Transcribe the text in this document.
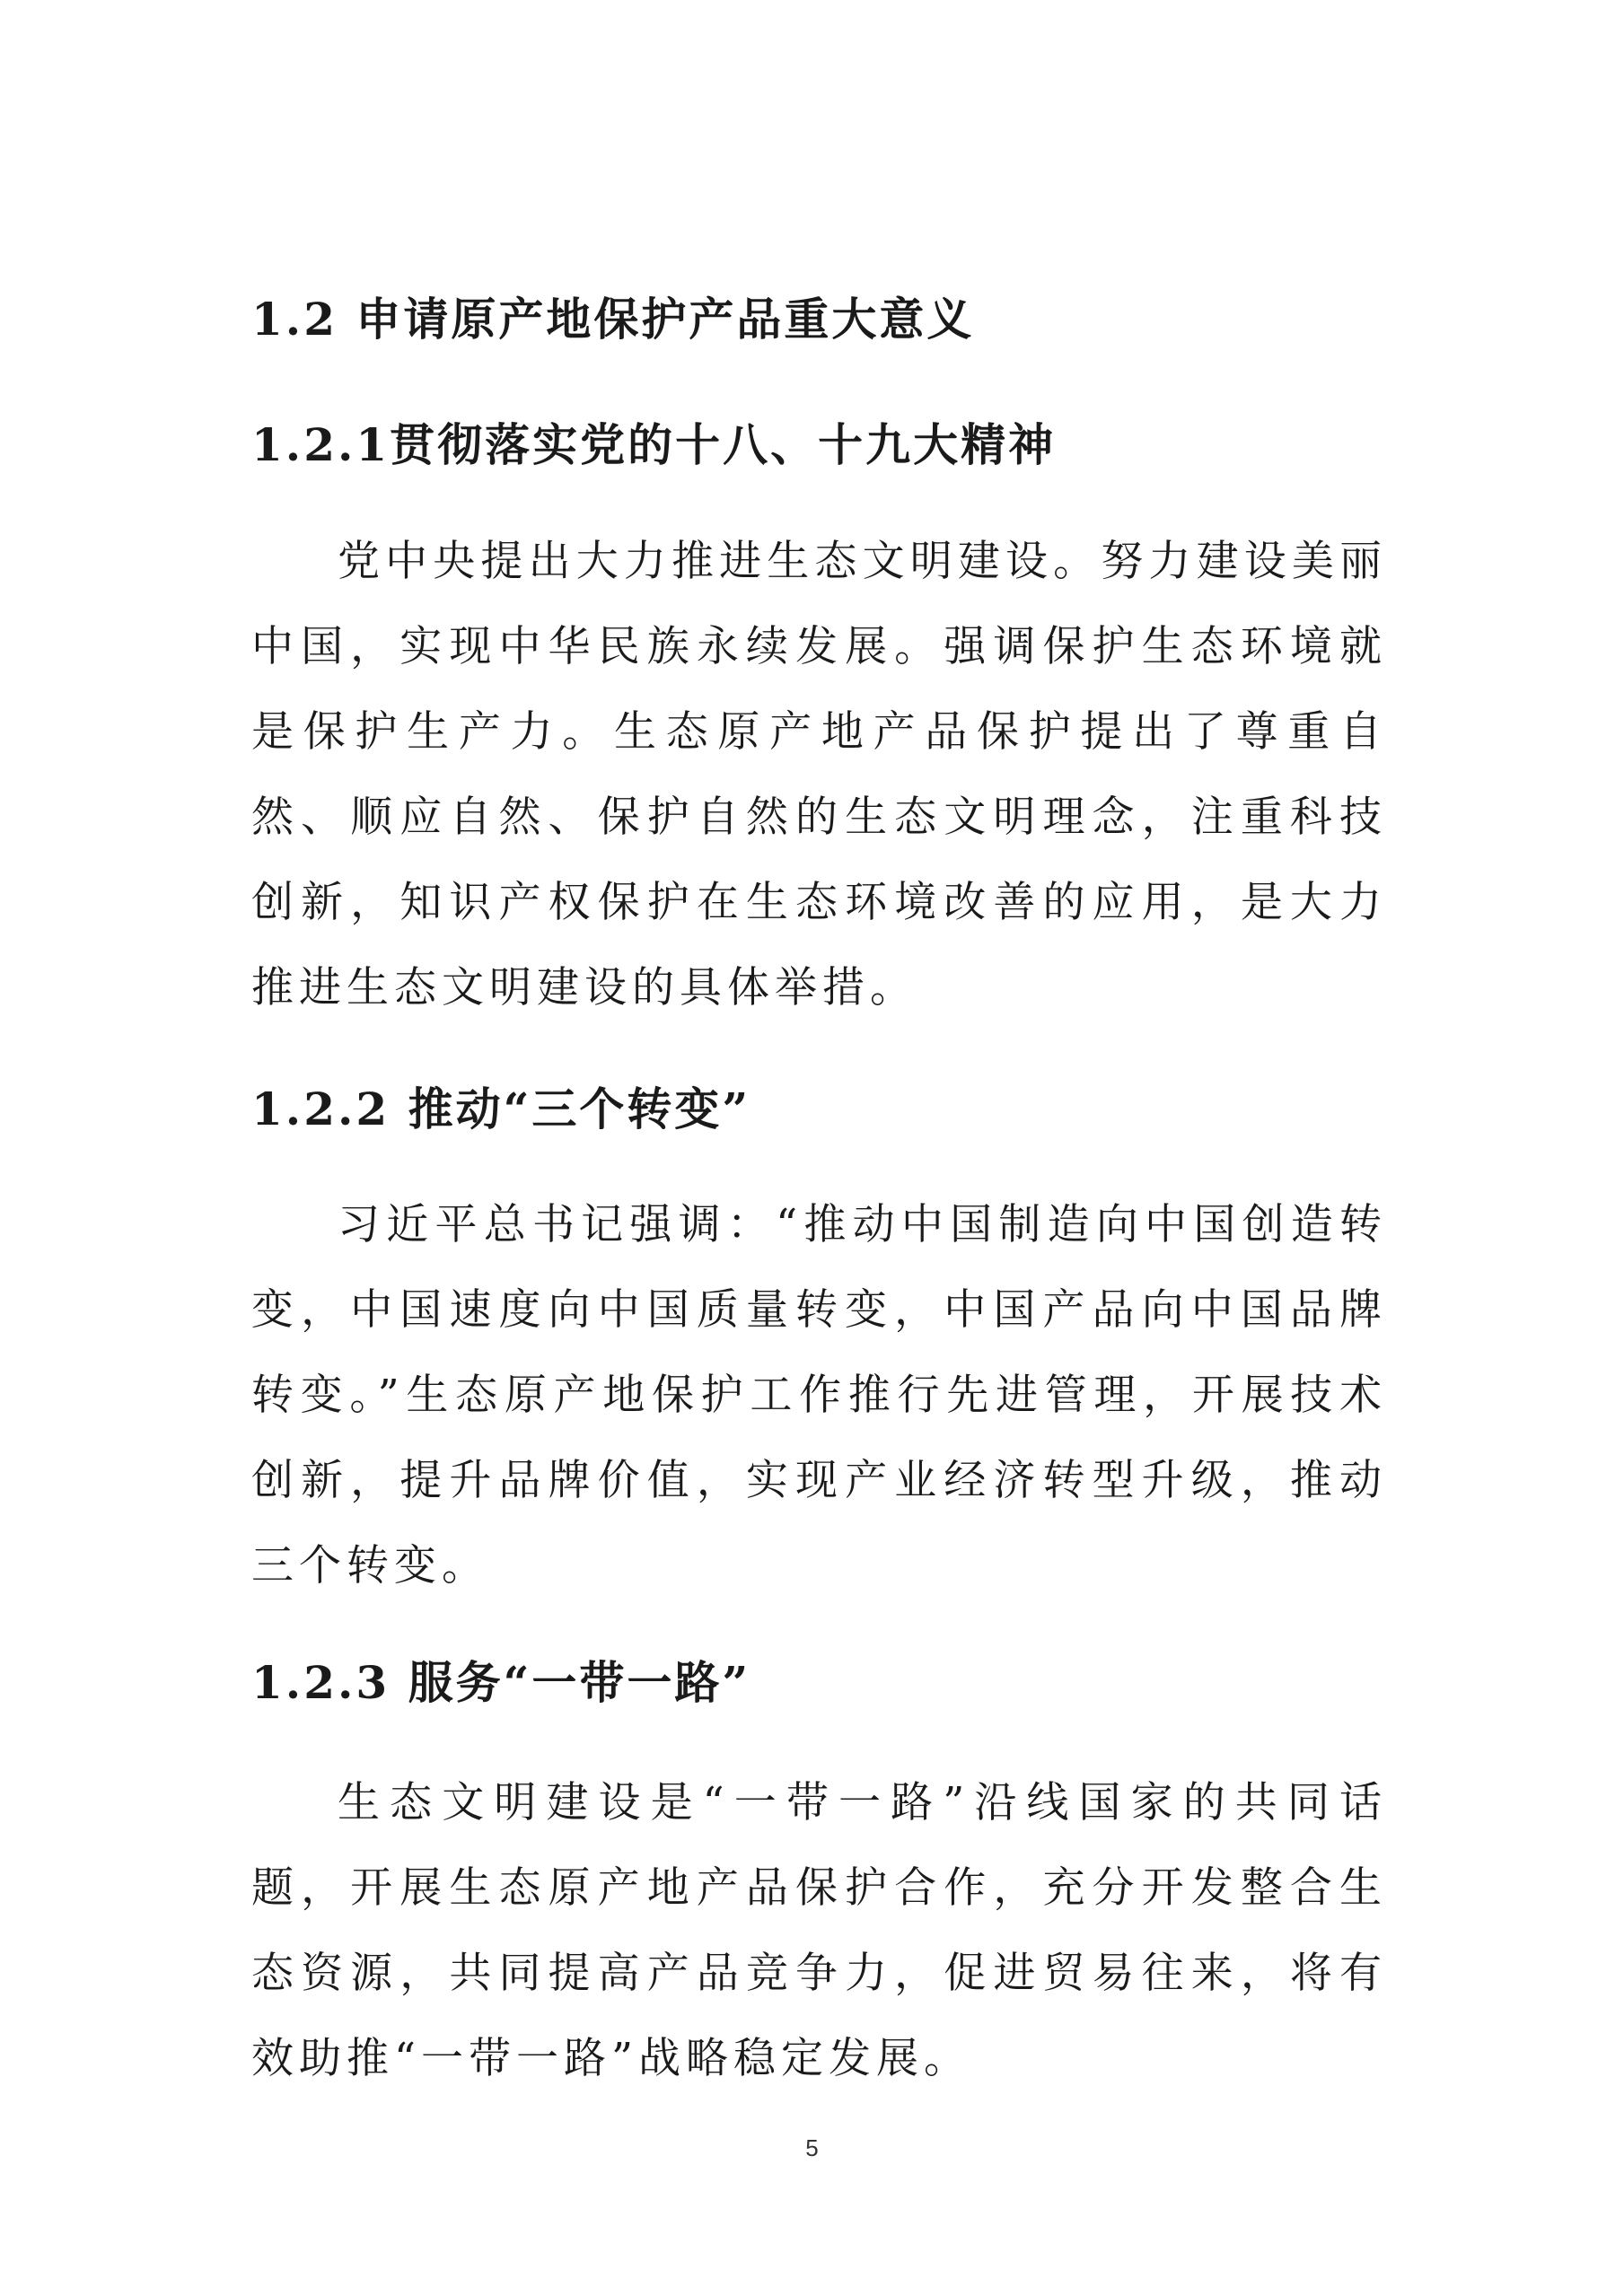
1.2 申请原产地保护产品重大意义
1.2.1贯彻落实党的十八、十九大精神

党中央提出大力推进生态文明建设。努力建设美丽中国，实现中华民族永续发展。强调保护生态环境就是保护生产力。生态原产地产品保护提出了尊重自然、顺应自然、保护自然的生态文明理念，注重科技创新，知识产权保护在生态环境改善的应用，是大力推进生态文明建设的具体举措。

1.2.2 推动“三个转变”

习近平总书记强调：“推动中国制造向中国创造转变，中国速度向中国质量转变，中国产品向中国品牌转变。”生态原产地保护工作推行先进管理，开展技术创新，提升品牌价值，实现产业经济转型升级，推动三个转变。

1.2.3 服务“一带一路”

生态文明建设是“一带一路”沿线国家的共同话题，开展生态原产地产品保护合作，充分开发整合生态资源，共同提高产品竞争力，促进贸易往来，将有效助推“一带一路”战略稳定发展。

5
